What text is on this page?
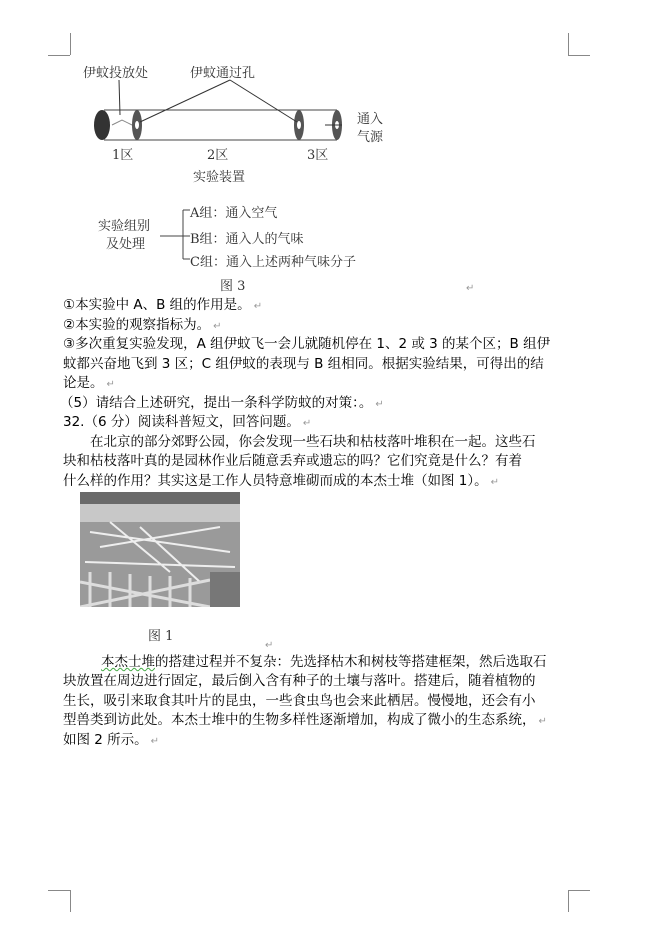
伊蚊投放处	伊蚊通过孔
通入
气源
1区	2区	3区
实验装置
实验组别
及处理
A组：通入空气
B组：通入人的气味
C组：通入上述两种气味分子
图 3	↵
①本实验中 A、B 组的作用是。 ↵
②本实验的观察指标为。 ↵
③多次重复实验发现，A 组伊蚊飞一会儿就随机停在 1、2 或 3 的某个区；B 组伊
蚊都兴奋地飞到 3 区；C 组伊蚊的表现与 B 组相同。根据实验结果，可得出的结
论是。 ↵
（5）请结合上述研究，提出一条科学防蚊的对策：。 ↵
32.（6 分）阅读科普短文，回答问题。 ↵
　　在北京的部分郊野公园，你会发现一些石块和枯枝落叶堆积在一起。这些石
块和枯枝落叶真的是园林作业后随意丢弃或遗忘的吗？它们究竟是什么？有着
什么样的作用？其实这是工作人员特意堆砌而成的本杰士堆（如图 1）。 ↵
图 1
↵
本杰士堆的搭建过程并不复杂：先选择枯木和树枝等搭建框架，然后选取石
块放置在周边进行固定，最后倒入含有种子的土壤与落叶。搭建后，随着植物的
生长，吸引来取食其叶片的昆虫，一些食虫鸟也会来此栖居。慢慢地，还会有小
型兽类到访此处。本杰士堆中的生物多样性逐渐增加，构成了微小的生态系统， ↵
如图 2 所示。 ↵
